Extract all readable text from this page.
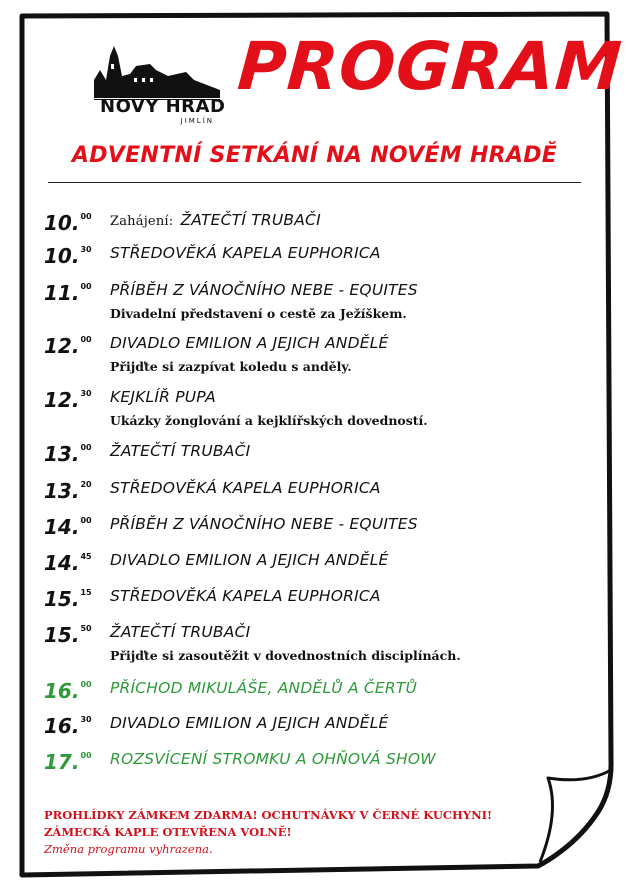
NOVÝ HRAD
JIMLÍN
PROGRAM
ADVENTNÍ SETKÁNÍ NA NOVÉM HRADĚ
10.00 Zahájení: ŽATEČTÍ TRUBAČI
10.30 STŘEDOVĚKÁ KAPELA EUPHORICA
11.00 PŘÍBĚH Z VÁNOČNÍHO NEBE - EQUITES
Divadelní představení o cestě za Ježíškem.
12.00 DIVADLO EMILION A JEJICH ANDĚLÉ
Přijďte si zazpívat koledu s anděly.
12.30 KEJKLÍŘ PUPA
Ukázky žonglování a kejklířských dovedností.
13.00 ŽATEČTÍ TRUBAČI
13.20 STŘEDOVĚKÁ KAPELA EUPHORICA
14.00 PŘÍBĚH Z VÁNOČNÍHO NEBE - EQUITES
14.45 DIVADLO EMILION A JEJICH ANDĚLÉ
15.15 STŘEDOVĚKÁ KAPELA EUPHORICA
15.50 ŽATEČTÍ TRUBAČI
Přijďte si zasoutěžit v dovednostních disciplínách.
16.00 PŘÍCHOD MIKULÁŠE, ANDĚLŮ A ČERTŮ
16.30 DIVADLO EMILION A JEJICH ANDĚLÉ
17.00 ROZSVÍCENÍ STROMKU A OHŇOVÁ SHOW
PROHLÍDKY ZÁMKEM ZDARMA! OCHUTNÁVKY V ČERNÉ KUCHYNI!
ZÁMECKÁ KAPLE OTEVŘENA VOLNĚ!
Změna programu vyhrazena.
